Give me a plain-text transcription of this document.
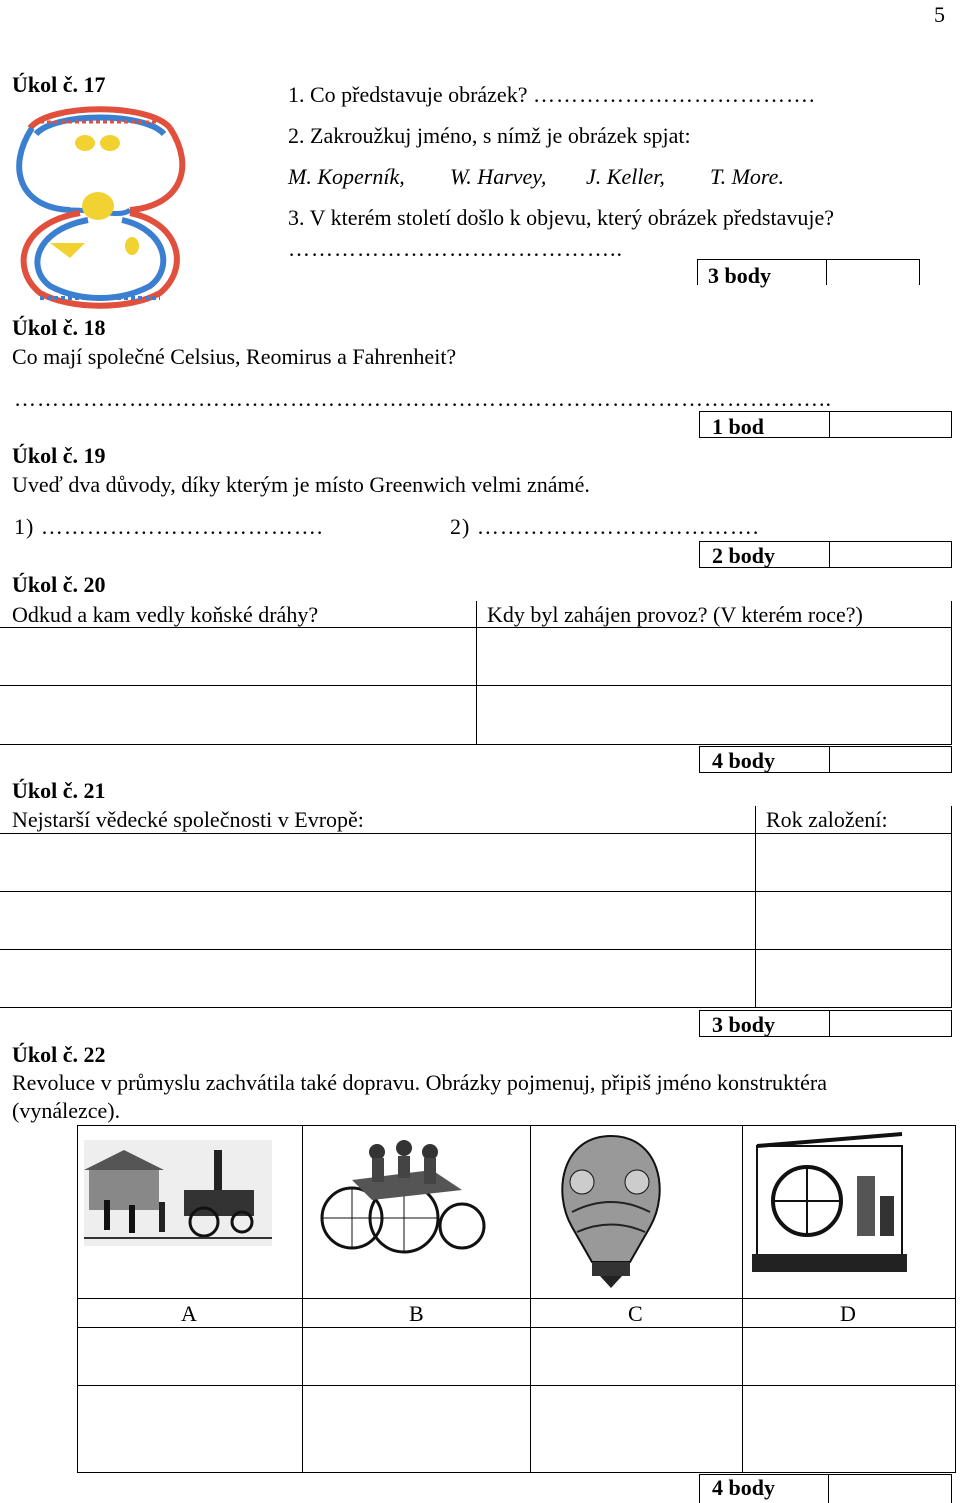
5
Úkol č. 17	1. Co představuje obrázek? ……………………………….
2. Zakroužkuj jméno, s nímž je obrázek spjat:
M. Koperník, W. Harvey, J. Keller, T. More.
3. V kterém století došlo k objevu, který obrázek představuje?
……………………………………..
3 body
Úkol č. 18
Co mají společné Celsius, Reomirus a Fahrenheit?
……………………………………………………………………………………………..
1 bod
Úkol č. 19
Uveď dva důvody, díky kterým je místo Greenwich velmi známé.
1) ……………………………….	2) ……………………………….
2 body
Úkol č. 20
Odkud a kam vedly koňské dráhy?	Kdy byl zahájen provoz? (V kterém roce?)
4 body
Úkol č. 21
Nejstarší vědecké společnosti v Evropě:	Rok založení:
3 body
Úkol č. 22
Revoluce v průmyslu zachvátila také dopravu. Obrázky pojmenuj, připiš jméno konstruktéra
(vynálezce).
A	B	C	D
4 body
